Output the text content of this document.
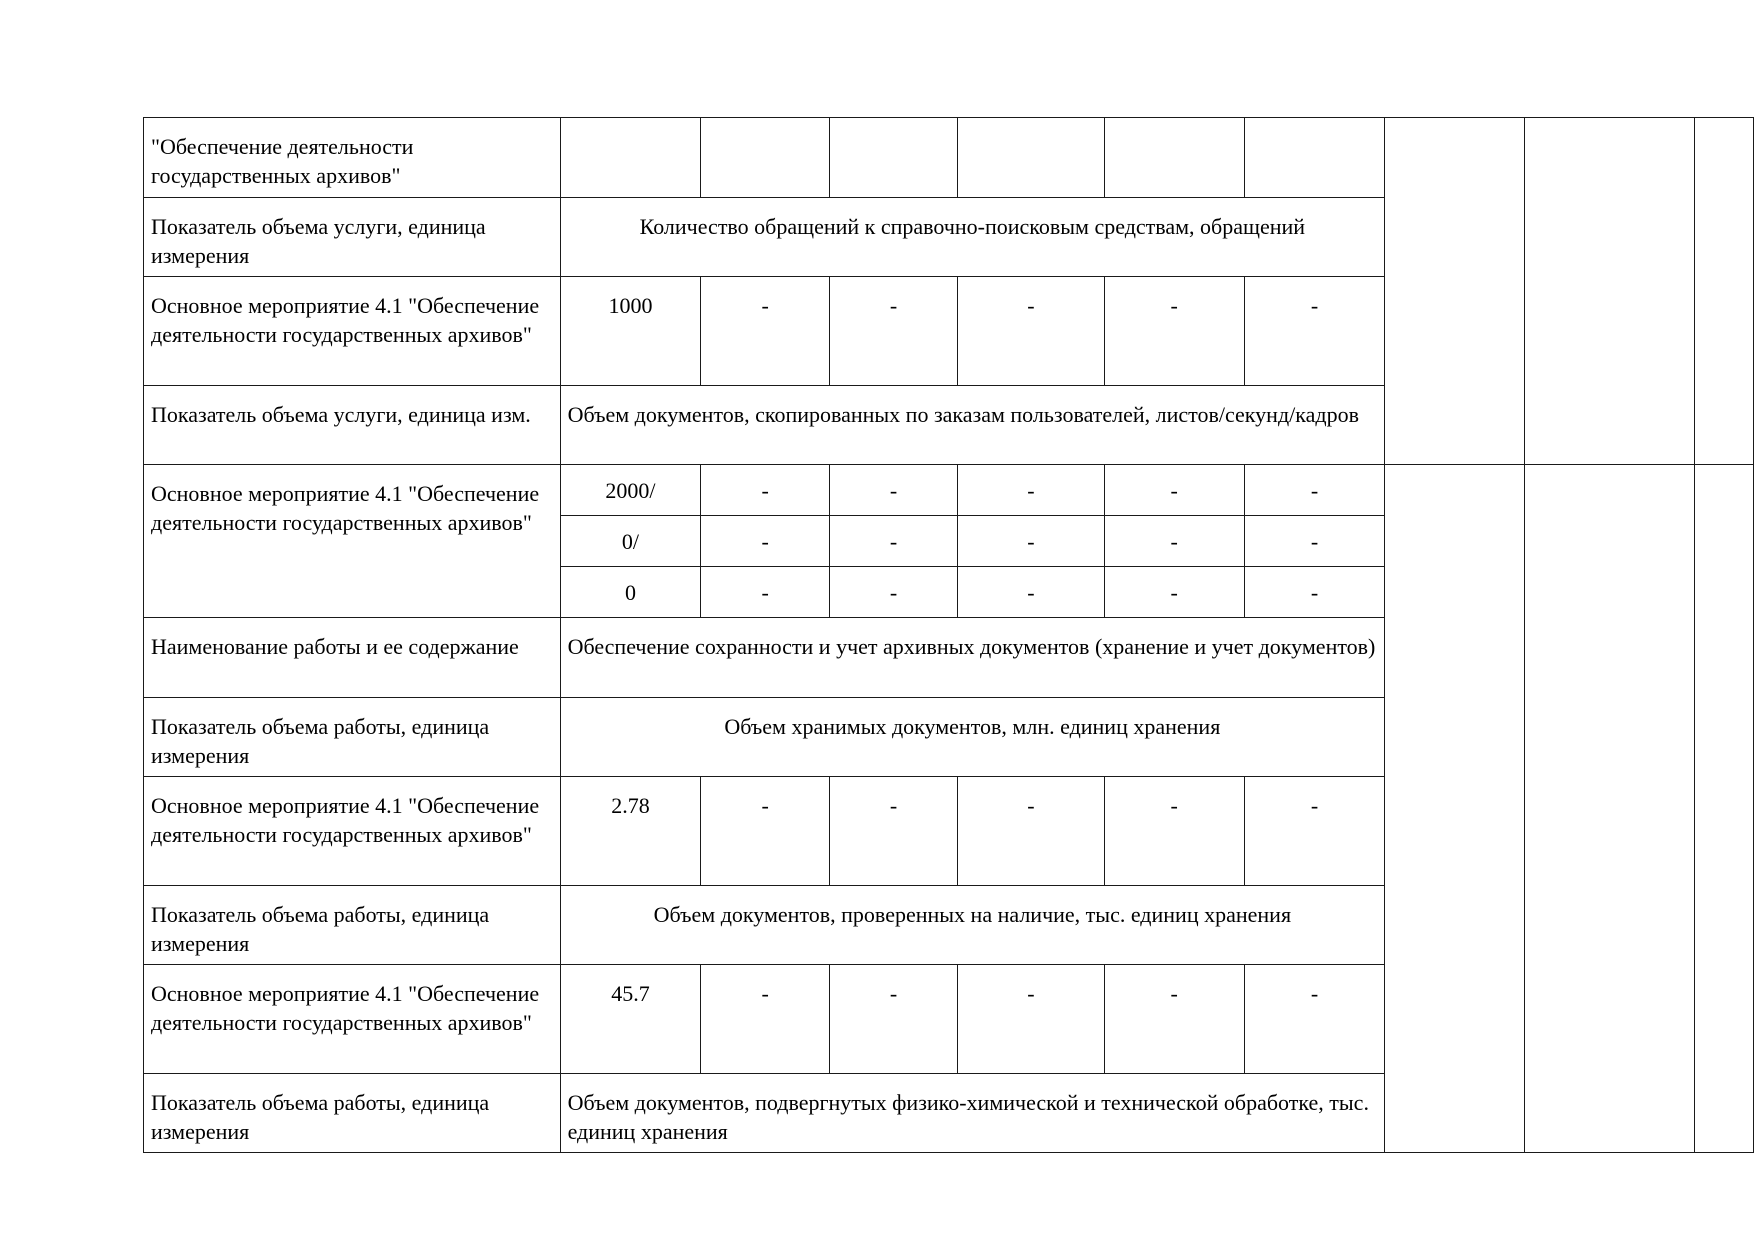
"Обеспечение деятельности государственных архивов"									
Показатель объема услуги, единица измерения	Количество обращений к справочно-поисковым средствам, обращений								
Основное мероприятие 4.1 "Обеспечение деятельности государственных архивов"	1000	-	-	-	-	-			
Показатель объема услуги, единица изм.	Объем документов, скопированных по заказам пользователей, листов/секунд/кадров								
Основное мероприятие 4.1 "Обеспечение деятельности государственных архивов"	2000/	-	-	-	-	-			
	0/	-	-	-	-	-			
	0	-	-	-	-	-			
Наименование работы и ее содержание	Обеспечение сохранности и учет архивных документов (хранение и учет документов)								
Показатель объема работы, единица измерения	Объем хранимых документов, млн. единиц хранения								
Основное мероприятие 4.1 "Обеспечение деятельности государственных архивов"	2.78	-	-	-	-	-			
Показатель объема работы, единица измерения	Объем документов, проверенных на наличие, тыс. единиц хранения								
Основное мероприятие 4.1 "Обеспечение деятельности государственных архивов"	45.7	-	-	-	-	-			
Показатель объема работы, единица измерения	Объем документов, подвергнутых физико-химической и технической обработке, тыс. единиц хранения								
